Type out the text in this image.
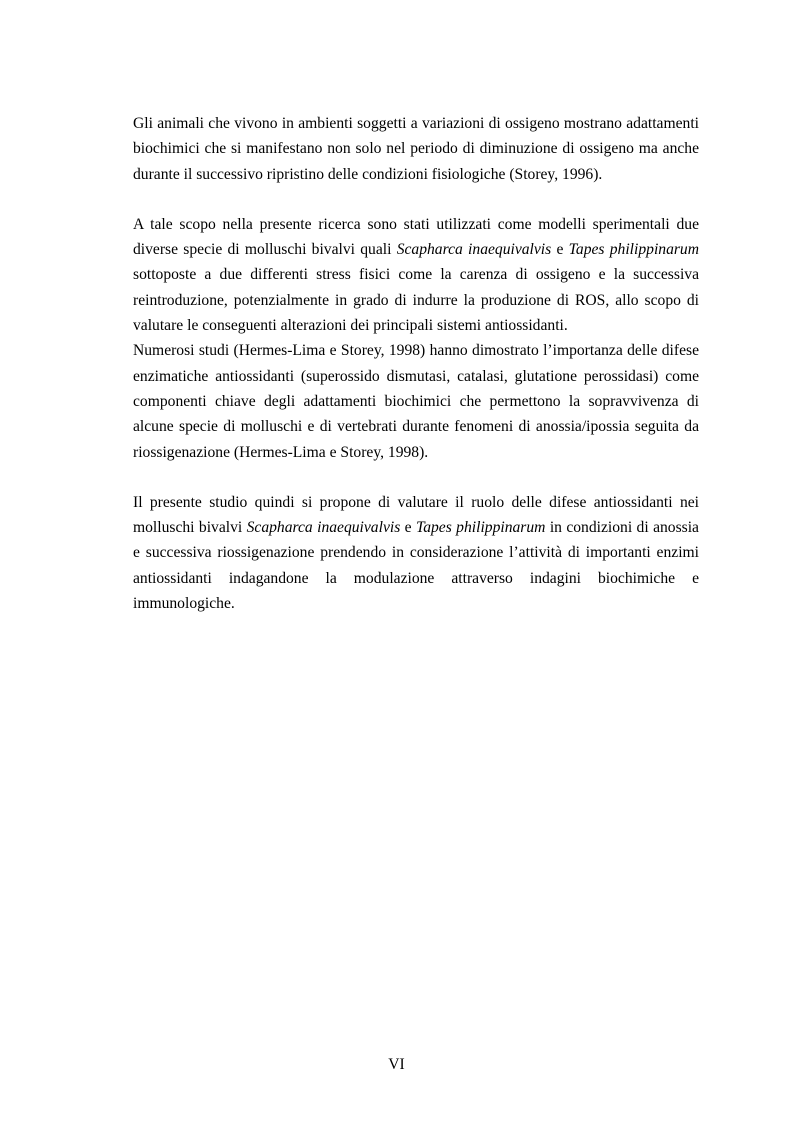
Gli animali che vivono in ambienti soggetti a variazioni di ossigeno mostrano adattamenti biochimici che si manifestano non solo nel periodo di diminuzione di ossigeno ma anche durante il successivo ripristino delle condizioni fisiologiche (Storey, 1996).

A tale scopo nella presente ricerca sono stati utilizzati come modelli sperimentali due diverse specie di molluschi bivalvi quali Scapharca inaequivalvis e Tapes philippinarum sottoposte a due differenti stress fisici come la carenza di ossigeno e la successiva reintroduzione, potenzialmente in grado di indurre la produzione di ROS, allo scopo di valutare le conseguenti alterazioni dei principali sistemi antiossidanti.

Numerosi studi (Hermes-Lima e Storey, 1998) hanno dimostrato l’importanza delle difese enzimatiche antiossidanti (superossido dismutasi, catalasi, glutatione perossidasi) come componenti chiave degli adattamenti biochimici che permettono la sopravvivenza di alcune specie di molluschi e di vertebrati durante fenomeni di anossia/ipossia seguita da riossigenazione (Hermes-Lima e Storey, 1998).

Il presente studio quindi si propone di valutare il ruolo delle difese antiossidanti nei molluschi bivalvi Scapharca inaequivalvis e Tapes philippinarum in condizioni di anossia e successiva riossigenazione prendendo in considerazione l’attività di importanti enzimi antiossidanti indagandone la modulazione attraverso indagini biochimiche e immunologiche.

VI
